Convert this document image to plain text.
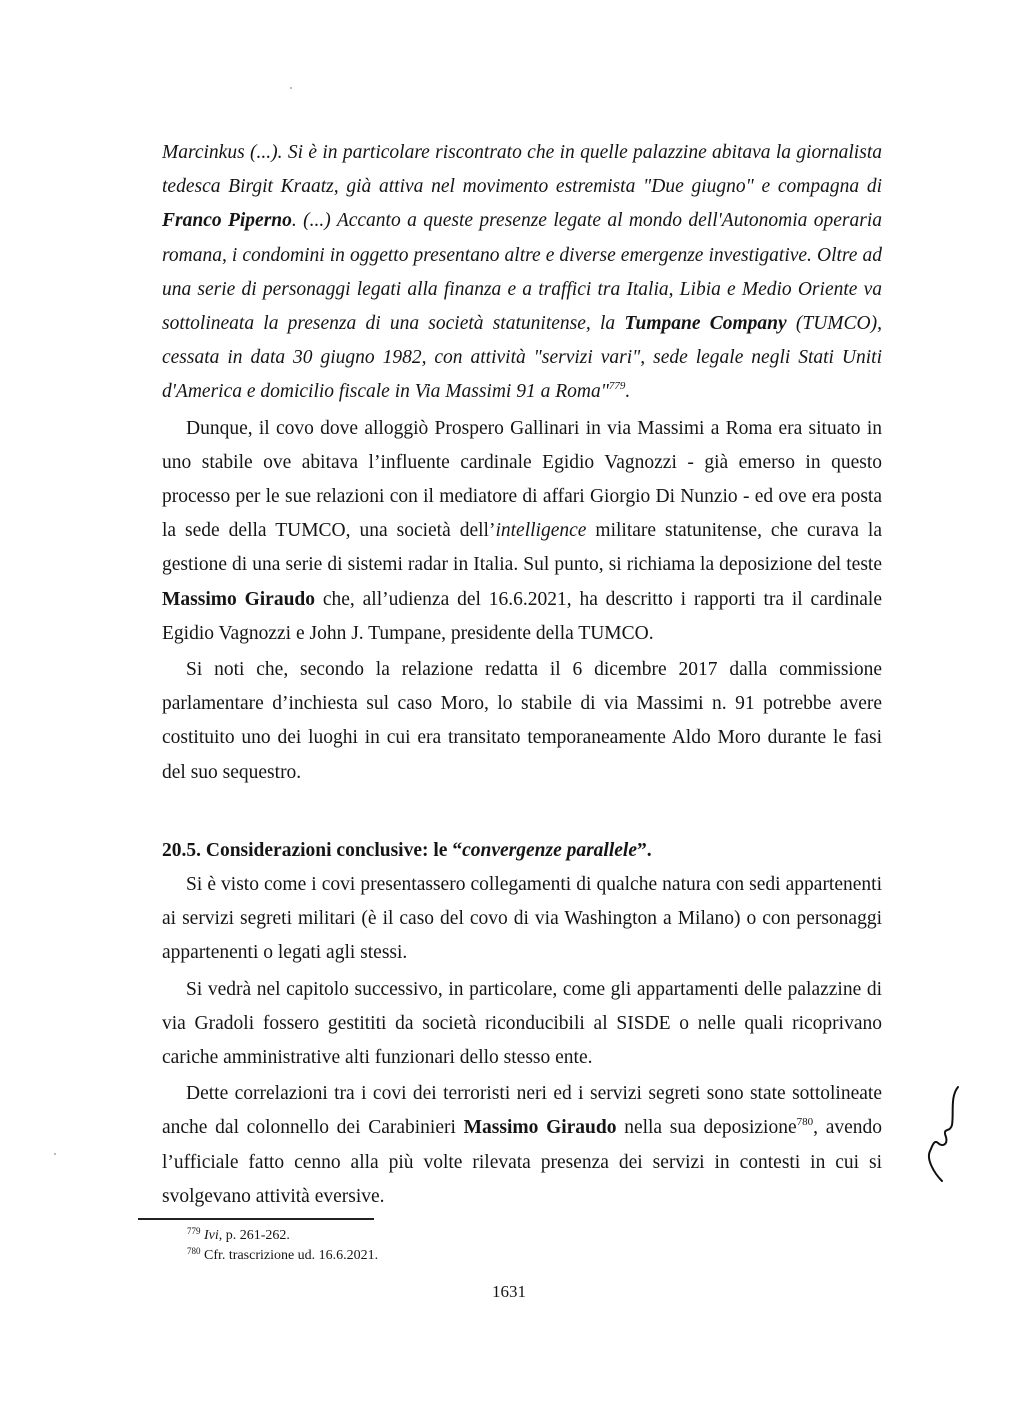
Marcinkus (...). Si è in particolare riscontrato che in quelle palazzine abitava la giornalista tedesca Birgit Kraatz, già attiva nel movimento estremista "Due giugno" e compagna di Franco Piperno. (...) Accanto a queste presenze legate al mondo dell'Autonomia operaria romana, i condomini in oggetto presentano altre e diverse emergenze investigative. Oltre ad una serie di personaggi legati alla finanza e a traffici tra Italia, Libia e Medio Oriente va sottolineata la presenza di una società statunitense, la Tumpane Company (TUMCO), cessata in data 30 giugno 1982, con attività "servizi vari", sede legale negli Stati Uniti d'America e domicilio fiscale in Via Massimi 91 a Roma"$^{779}$.

Dunque, il covo dove alloggiò Prospero Gallinari in via Massimi a Roma era situato in uno stabile ove abitava l’influente cardinale Egidio Vagnozzi - già emerso in questo processo per le sue relazioni con il mediatore di affari Giorgio Di Nunzio - ed ove era posta la sede della TUMCO, una società dell’intelligence militare statunitense, che curava la gestione di una serie di sistemi radar in Italia. Sul punto, si richiama la deposizione del teste Massimo Giraudo che, all’udienza del 16.6.2021, ha descritto i rapporti tra il cardinale Egidio Vagnozzi e John J. Tumpane, presidente della TUMCO.

Si noti che, secondo la relazione redatta il 6 dicembre 2017 dalla commissione parlamentare d’inchiesta sul caso Moro, lo stabile di via Massimi n. 91 potrebbe avere costituito uno dei luoghi in cui era transitato temporaneamente Aldo Moro durante le fasi del suo sequestro.

20.5. Considerazioni conclusive: le “convergenze parallele”.

Si è visto come i covi presentassero collegamenti di qualche natura con sedi appartenenti ai servizi segreti militari (è il caso del covo di via Washington a Milano) o con personaggi appartenenti o legati agli stessi.

Si vedrà nel capitolo successivo, in particolare, come gli appartamenti delle palazzine di via Gradoli fossero gestititi da società riconducibili al SISDE o nelle quali ricoprivano cariche amministrative alti funzionari dello stesso ente.

Dette correlazioni tra i covi dei terroristi neri ed i servizi segreti sono state sottolineate anche dal colonnello dei Carabinieri Massimo Giraudo nella sua deposizione$^{780}$, avendo l’ufficiale fatto cenno alla più volte rilevata presenza dei servizi in contesti in cui si svolgevano attività eversive.

$^{779}$ Ivi, p. 261-262.
$^{780}$ Cfr. trascrizione ud. 16.6.2021.
1631
